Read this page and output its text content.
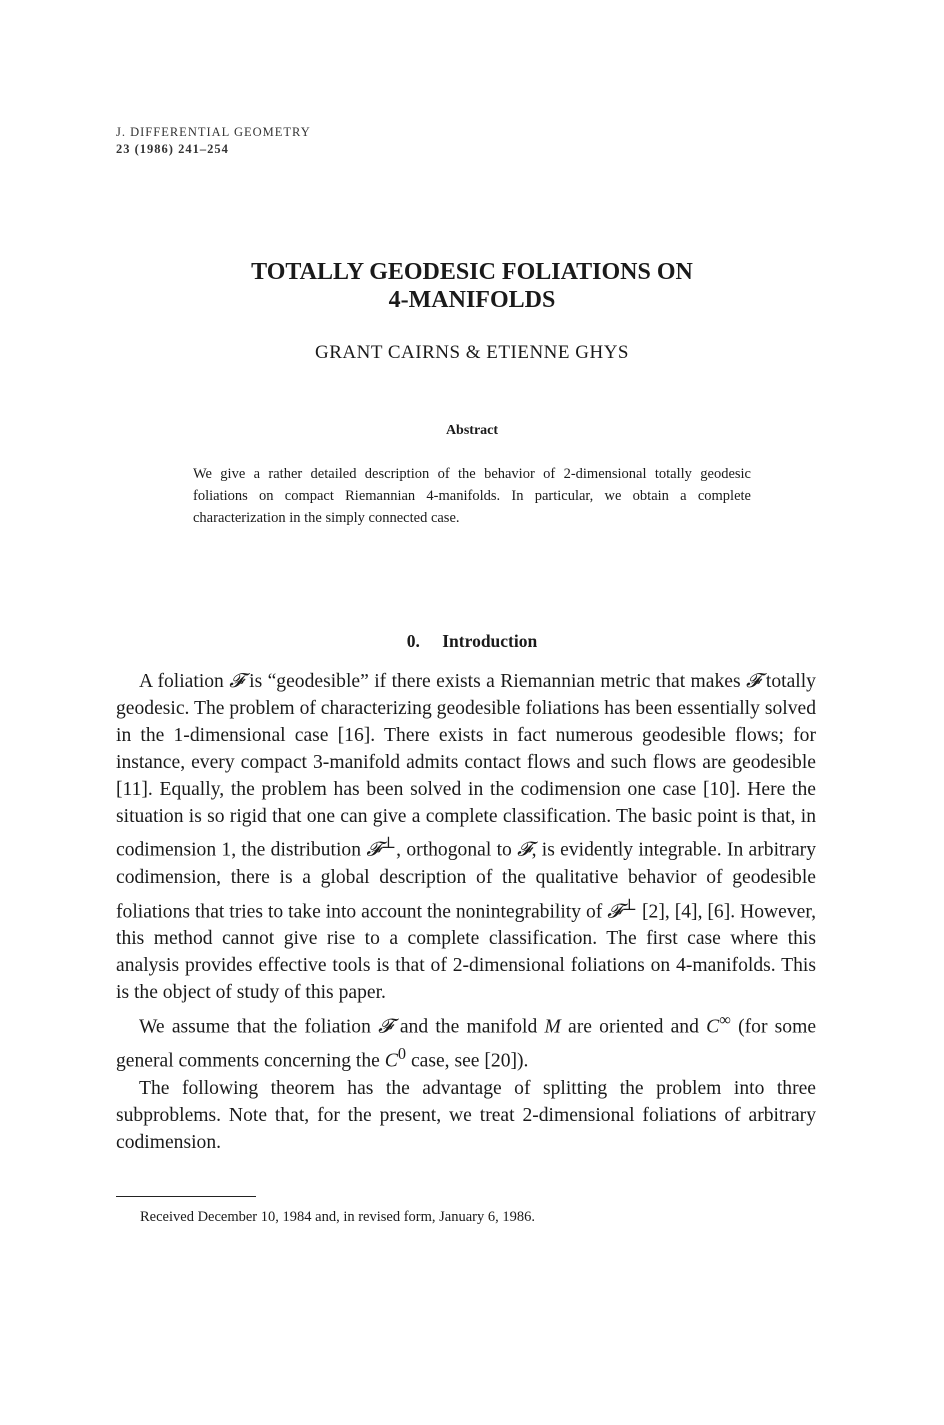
J. DIFFERENTIAL GEOMETRY
23 (1986) 241–254
TOTALLY GEODESIC FOLIATIONS ON
4-MANIFOLDS
GRANT CAIRNS & ETIENNE GHYS
Abstract
We give a rather detailed description of the behavior of 2-dimensional totally geodesic foliations on compact Riemannian 4-manifolds. In particular, we obtain a complete characterization in the simply connected case.
0. Introduction

A foliation 𝓕 is “geodesible” if there exists a Riemannian metric that makes 𝓕 totally geodesic. The problem of characterizing geodesible foliations has been essentially solved in the 1-dimensional case [16]. There exists in fact numerous geodesible flows; for instance, every compact 3-manifold admits contact flows and such flows are geodesible [11]. Equally, the problem has been solved in the codimension one case [10]. Here the situation is so rigid that one can give a complete classification. The basic point is that, in codimension 1, the distribution 𝓕⊥, orthogonal to 𝓕, is evidently integrable. In arbitrary codimension, there is a global description of the qualitative behavior of geodesible foliations that tries to take into account the nonintegrability of 𝓕⊥ [2], [4], [6]. However, this method cannot give rise to a complete classification. The first case where this analysis provides effective tools is that of 2-dimensional foliations on 4-manifolds. This is the object of study of this paper.

We assume that the foliation 𝓕 and the manifold M are oriented and C∞ (for some general comments concerning the $C^0$ case, see [20]).

The following theorem has the advantage of splitting the problem into three subproblems. Note that, for the present, we treat 2-dimensional foliations of arbitrary codimension.

Received December 10, 1984 and, in revised form, January 6, 1986.
